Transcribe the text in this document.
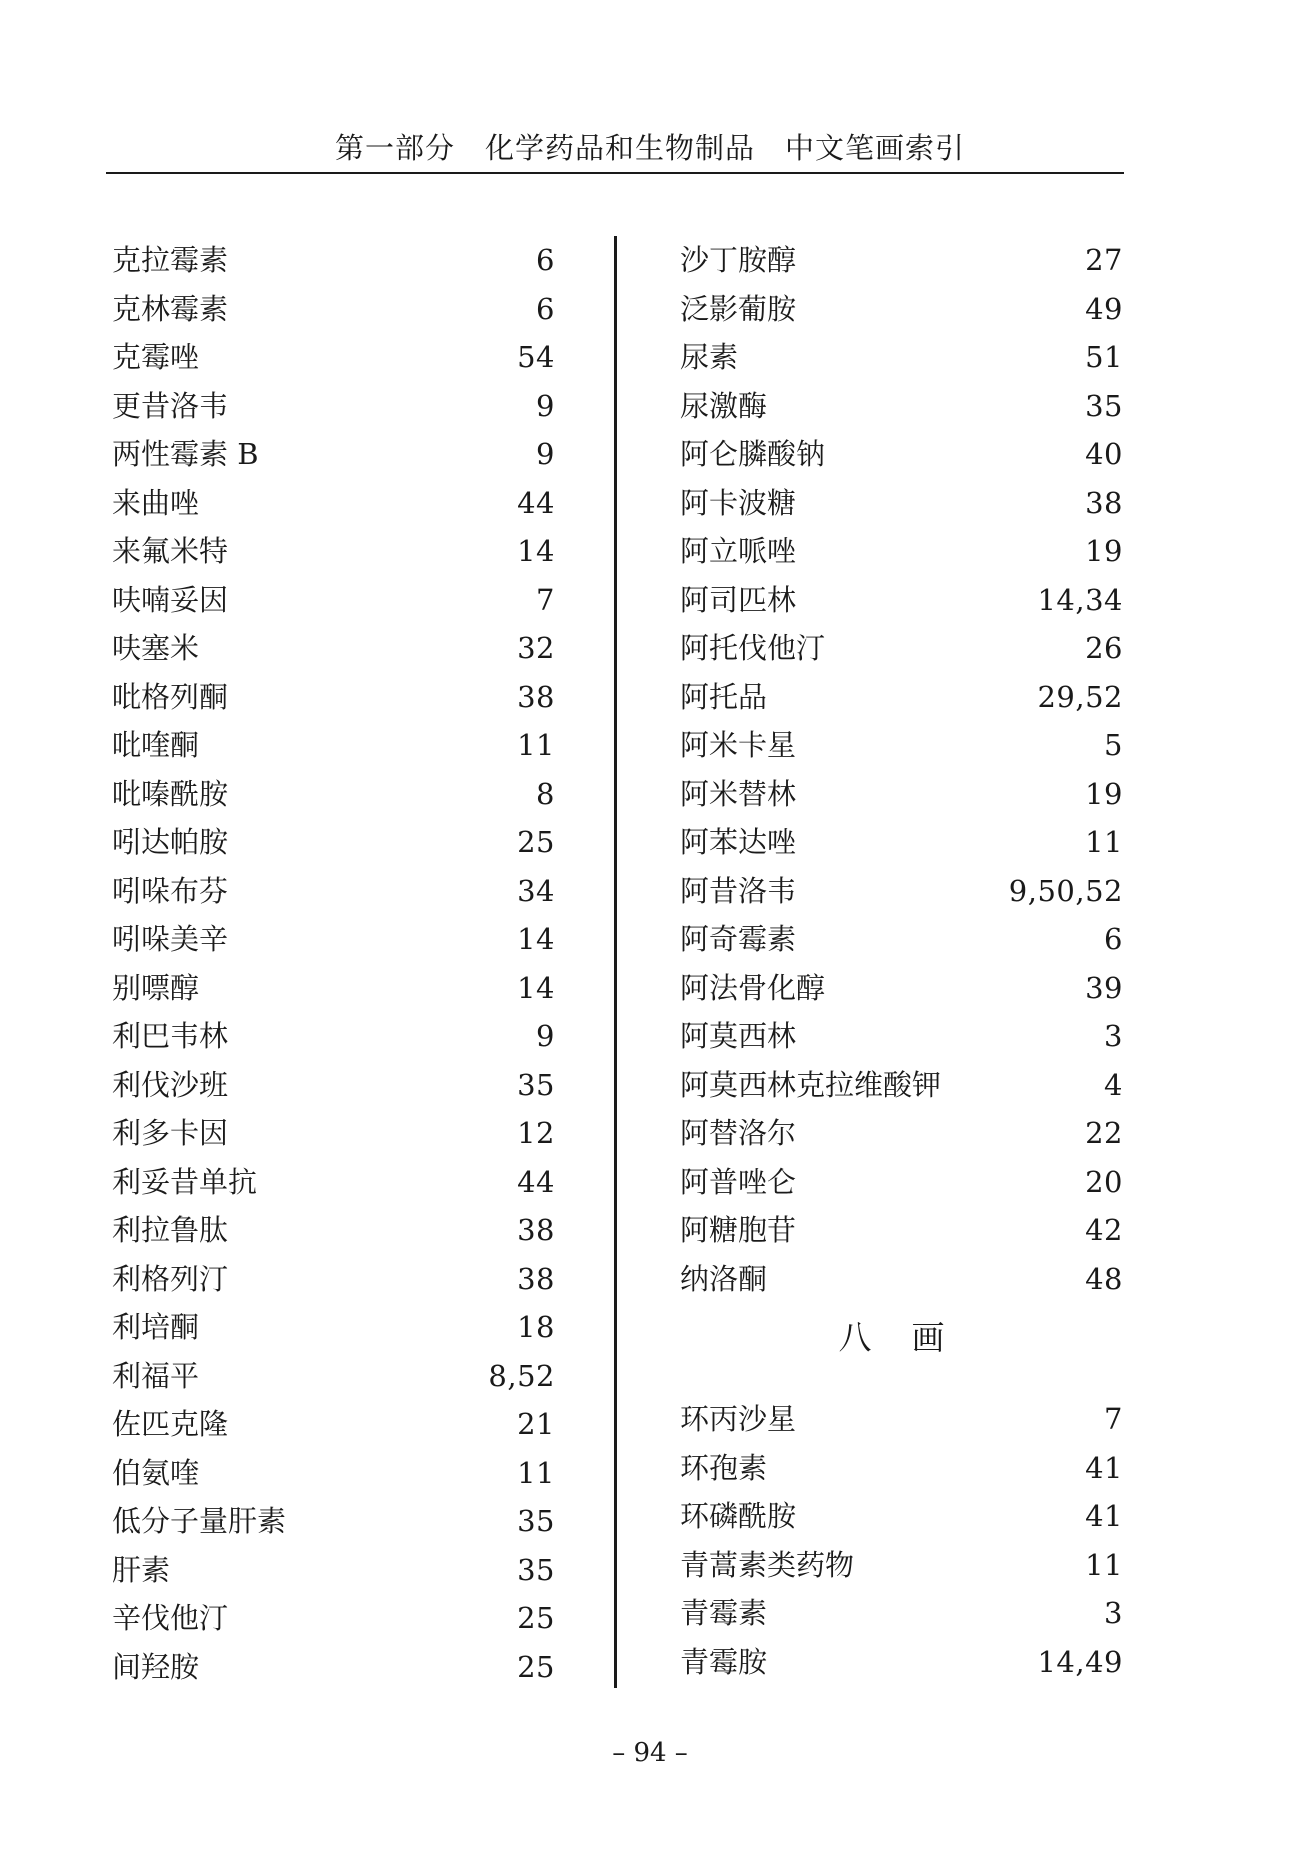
第一部分　化学药品和生物制品　中文笔画索引
克拉霉素	6
克林霉素	6
克霉唑	54
更昔洛韦	9
两性霉素 B	9
来曲唑	44
来氟米特	14
呋喃妥因	7
呋塞米	32
吡格列酮	38
吡喹酮	11
吡嗪酰胺	8
吲达帕胺	25
吲哚布芬	34
吲哚美辛	14
别嘌醇	14
利巴韦林	9
利伐沙班	35
利多卡因	12
利妥昔单抗	44
利拉鲁肽	38
利格列汀	38
利培酮	18
利福平	8,52
佐匹克隆	21
伯氨喹	11
低分子量肝素	35
肝素	35
辛伐他汀	25
间羟胺	25
沙丁胺醇	27
泛影葡胺	49
尿素	51
尿激酶	35
阿仑膦酸钠	40
阿卡波糖	38
阿立哌唑	19
阿司匹林	14,34
阿托伐他汀	26
阿托品	29,52
阿米卡星	5
阿米替林	19
阿苯达唑	11
阿昔洛韦	9,50,52
阿奇霉素	6
阿法骨化醇	39
阿莫西林	3
阿莫西林克拉维酸钾	4
阿替洛尔	22
阿普唑仑	20
阿糖胞苷	42
纳洛酮	48
八画
环丙沙星	7
环孢素	41
环磷酰胺	41
青蒿素类药物	11
青霉素	3
青霉胺	14,49
– 94 –
